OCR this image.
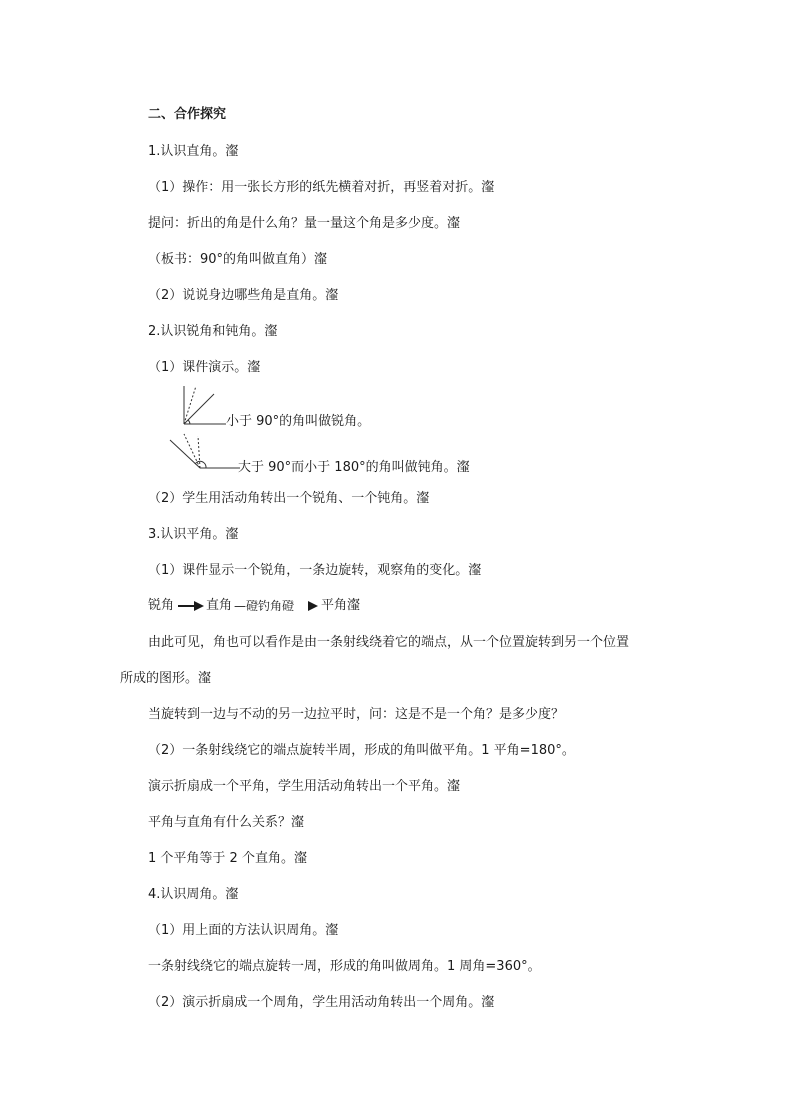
二、合作探究
1.认识直角。瀣
（1）操作：用一张长方形的纸先横着对折，再竖着对折。瀣
提问：折出的角是什么角？量一量这个角是多少度。瀣
（板书：90°的角叫做直角）瀣
（2）说说身边哪些角是直角。瀣
2.认识锐角和钝角。瀣
（1）课件演示。瀣
小于 90°的角叫做锐角。
大于 90°而小于 180°的角叫做钝角。瀣
（2）学生用活动角转出一个锐角、一个钝角。瀣
3.认识平角。瀣
（1）课件显示一个锐角，一条边旋转，观察角的变化。瀣
锐角 直角 —磴钓角磴 平角瀣
由此可见，角也可以看作是由一条射线绕着它的端点，从一个位置旋转到另一个位置
所成的图形。瀣
当旋转到一边与不动的另一边拉平时，问：这是不是一个角？是多少度？
（2）一条射线绕它的端点旋转半周，形成的角叫做平角。1 平角=180°。
演示折扇成一个平角，学生用活动角转出一个平角。瀣
平角与直角有什么关系？瀣
1 个平角等于 2 个直角。瀣
4.认识周角。瀣
（1）用上面的方法认识周角。瀣
一条射线绕它的端点旋转一周，形成的角叫做周角。1 周角=360°。
（2）演示折扇成一个周角，学生用活动角转出一个周角。瀣
